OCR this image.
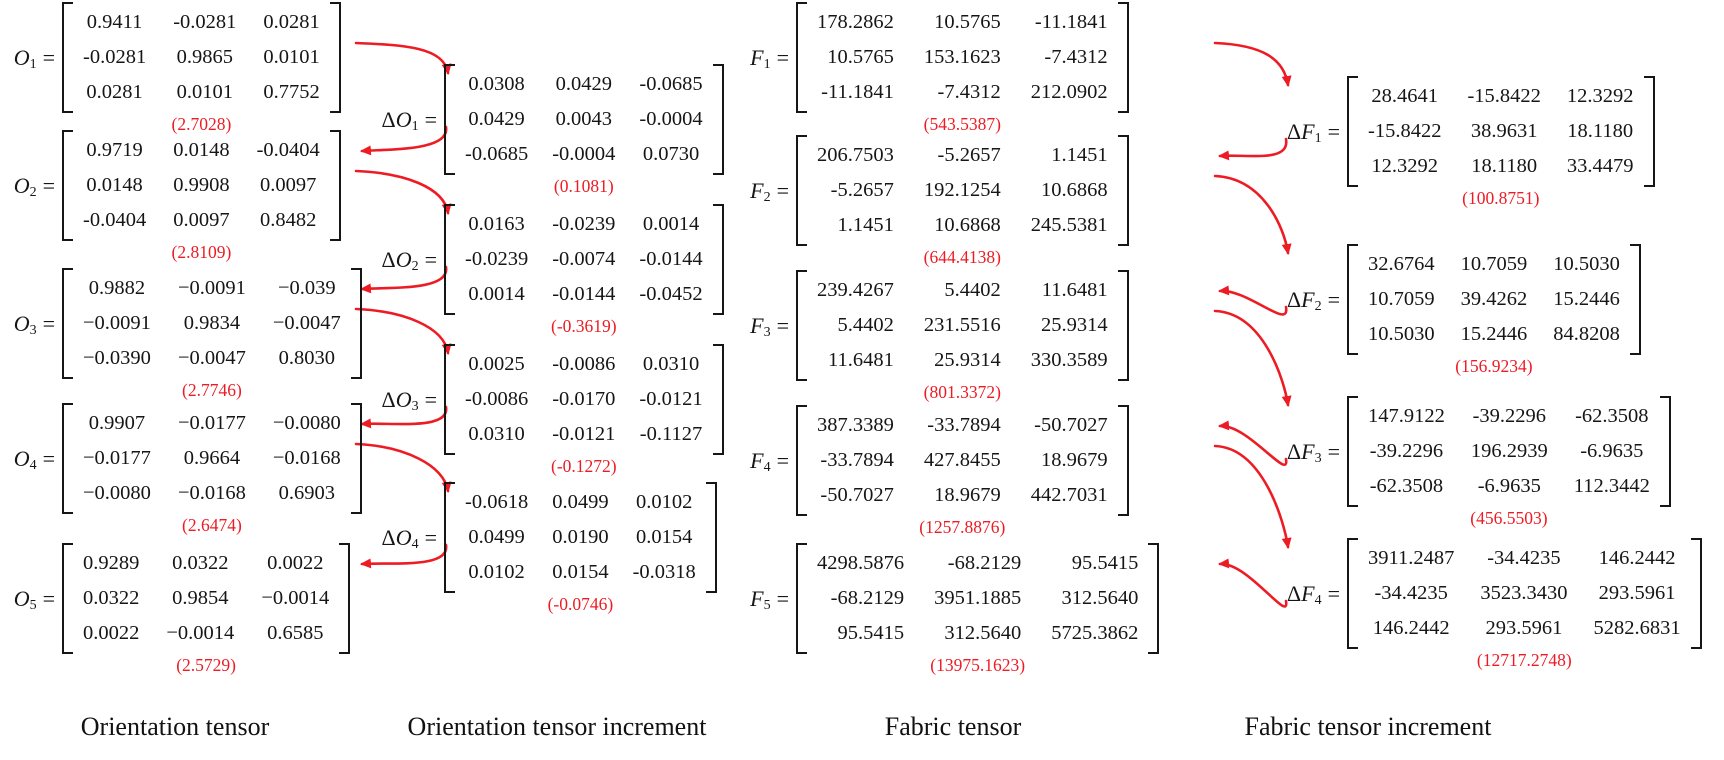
Orientation tensor	Orientation tensor increment	Fabric tensor	Fabric tensor increment
O 1 =
0.9411 -0.0281 0.0281
-0.0281 0.9865 0.0101
0.0281 0.0101 0.7752
(2.7028)
O 2 =
0.9719 0.0148 -0.0404
0.0148 0.9908 0.0097
-0.0404 0.0097 0.8482
(2.8109)
O 3 =
0.9882 −0.0091 −0.039
−0.0091 0.9834 −0.0047
−0.0390 −0.0047 0.8030
(2.7746)
O 4 =
0.9907 −0.0177 −0.0080
−0.0177 0.9664 −0.0168
−0.0080 −0.0168 0.6903
(2.6474)
O 5 =
0.9289 0.0322 0.0022
0.0322 0.9854 −0.0014
0.0022 −0.0014 0.6585
(2.5729)
Δ O 1 =
0.0308 0.0429 -0.0685
0.0429 0.0043 -0.0004
-0.0685 -0.0004 0.0730
(0.1081)
Δ O 2 =
0.0163 -0.0239 0.0014
-0.0239 -0.0074 -0.0144
0.0014 -0.0144 -0.0452
(-0.3619)
Δ O 3 =
0.0025 -0.0086 0.0310
-0.0086 -0.0170 -0.0121
0.0310 -0.0121 -0.1127
(-0.1272)
Δ O 4 =
-0.0618 0.0499 0.0102
0.0499 0.0190 0.0154
0.0102 0.0154 -0.0318
(-0.0746)
F 1 =
178.2862	10.5765 -11.1841
10.5765 153.1623	-7.4312
-11.1841	-7.4312 212.0902
(543.5387)
F 2 =
206.7503	-5.2657	1.1451
-5.2657 192.1254	10.6868
1.1451	10.6868 245.5381
(644.4138)
F 3 =
239.4267	5.4402	11.6481
5.4402 231.5516	25.9314
11.6481	25.9314 330.3589
(801.3372)
F 4 =
387.3389 -33.7894 -50.7027
-33.7894 427.8455	18.9679
-50.7027	18.9679 442.7031
(1257.8876)
F 5 =
4298.5876	-68.2129	95.5415
-68.2129 3951.1885	312.5640
95.5415	312.5640 5725.3862
(13975.1623)
Δ F 1 =
28.4641 -15.8422 12.3292
-15.8422 38.9631 18.1180
12.3292 18.1180 33.4479
(100.8751)
Δ F 2 =
32.6764 10.7059 10.5030
10.7059 39.4262 15.2446
10.5030 15.2446 84.8208
(156.9234)
Δ F 3 =
147.9122 -39.2296 -62.3508
-39.2296 196.2939	-6.9635
-62.3508	-6.9635	112.3442
(456.5503)
Δ F 4 =
3911.2487	-34.4235	146.2442
-34.4235	3523.3430 293.5961
146.2442 293.5961 5282.6831
(12717.2748)
